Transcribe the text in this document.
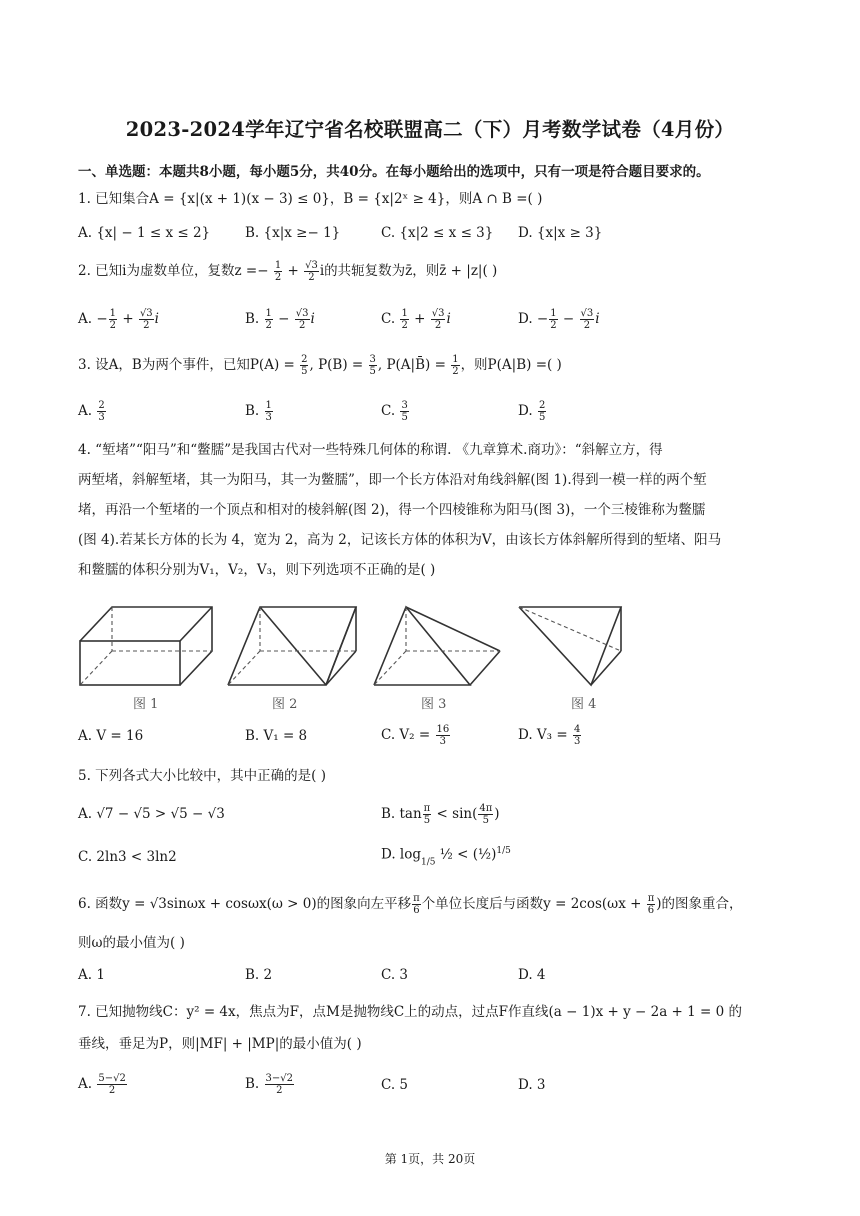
2023-2024学年辽宁省名校联盟高二（下）月考数学试卷（4月份）
一、单选题：本题共8小题，每小题5分，共40分。在每小题给出的选项中，只有一项是符合题目要求的。
1. 已知集合A = {x|(x + 1)(x − 3) ≤ 0}，B = {x|2ˣ ≥ 4}，则A ∩ B =( )
A. {x| − 1 ≤ x ≤ 2}	B. {x|x ≥− 1}	C. {x|2 ≤ x ≤ 3} D. {x|x ≥ 3}
2. 已知i为虚数单位，复数$z =- \frac{1}{2} + \frac{√3}{2}$ i的共轭复数为z̄，则z̄ + |z|( )
A. − $\frac{1}{2} + \frac{√3}{2}$ i	B. $\frac{1}{2} - \frac{√3}{2}$ i	C. $\frac{1}{2} + \frac{√3}{2}$ i	D. − $\frac{1}{2} - \frac{√3}{2}$ i
3. 设A，B为两个事件，已知$P(A) = \frac{2}{5}$ , $P(B) = \frac{3}{5}$ , P(A|B̄) = $\frac{1}{2}$ ，则P(A|B) =( )
A. $\frac{2}{3}$	B. $\frac{1}{3}$	C. $\frac{3}{5}$	D. $\frac{2}{5}$
4. “堑堵”“阳马”和“鳖臑”是我国古代对一些特殊几何体的称谓. 《九章算术.商功》：“斜解立方，得
两堑堵，斜解堑堵，其一为阳马，其一为鳖臑”，即一个长方体沿对角线斜解(图 1).得到一模一样的两个堑
堵，再沿一个堑堵的一个顶点和相对的棱斜解(图 2)，得一个四棱锥称为阳马(图 3)，一个三棱锥称为鳖臑
(图 4).若某长方体的长为 4，宽为 2，高为 2，记该长方体的体积为V，由该长方体斜解所得到的堑堵、阳马
和鳖臑的体积分别为V₁，V₂，V₃，则下列选项不正确的是( )
图 1	图 2	图 3	图 4
A. V = 16	B. V₁ = 8	C. $V_2 = \frac{16}{3}$	D. $V_3 = \frac{4}{3}$
5. 下列各式大小比较中，其中正确的是( )
A. √7 − √5 > √5 − √3	B. $\tan \frac{\pi}{5} < \sin( \frac{4\pi}{5}$ )
C. 2ln3 < 3ln2	D. $\log_{1/5}$ ½ < (½)$^{1/5}$
6. 函数y = √3sinωx + cosωx(ω > 0)的图象向左平移 $\frac{\pi}{6}$ 个单位长度后与函数$y = 2\cos(\omega x + \frac{\pi}{6}$ )的图象重合，
则ω的最小值为( )
A. 1	B. 2	C. 3	D. 4
7. 已知抛物线C：y² = 4x，焦点为F，点M是抛物线C上的动点，过点F作直线(a − 1)x + y − 2a + 1 = 0 的
垂线，垂足为P，则|MF| + |MP|的最小值为( )
A. $\frac{5-√2}{2}$	B. $\frac{3-√2}{2}$	C. 5	D. 3
第 1页，共 20页
